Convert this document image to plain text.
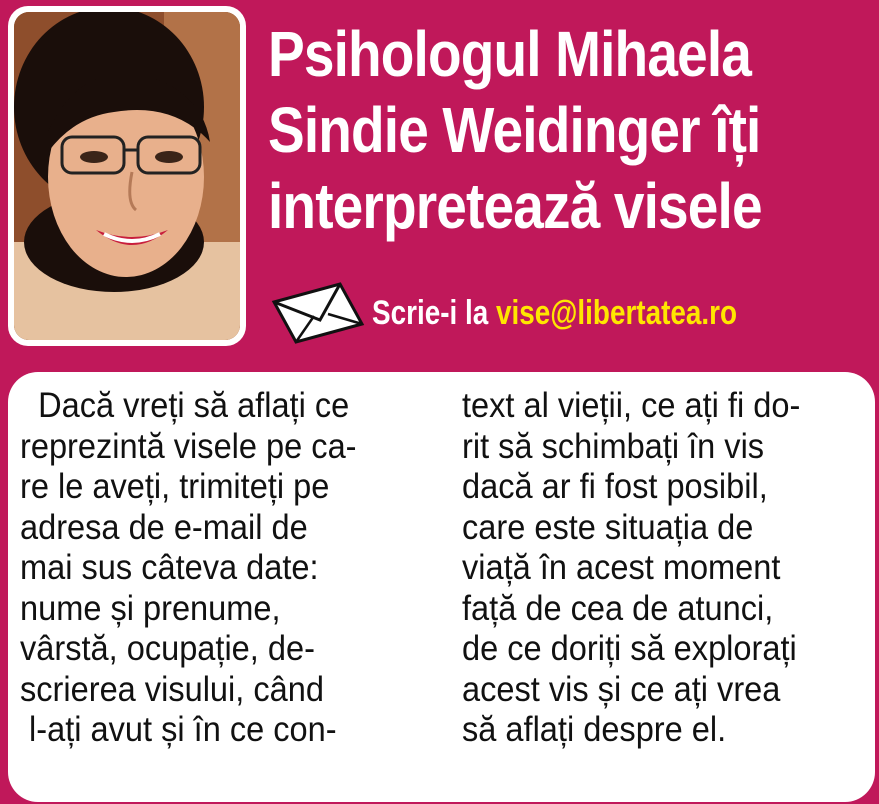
Psihologul Mihaela
Sindie Weidinger îți
interpretează visele
Scrie-i la vise@libertatea.ro
Dacă vreți să aflați ce
reprezintă visele pe ca-
re le aveți, trimiteți pe
adresa de e-mail de
mai sus câteva date:
nume și prenume,
vârstă, ocupație, de-
scrierea visului, când
l-ați avut și în ce con-
text al vieții, ce ați fi do-
rit să schimbați în vis
dacă ar fi fost posibil,
care este situația de
viață în acest moment
față de cea de atunci,
de ce doriți să explorați
acest vis și ce ați vrea
să aflați despre el.
